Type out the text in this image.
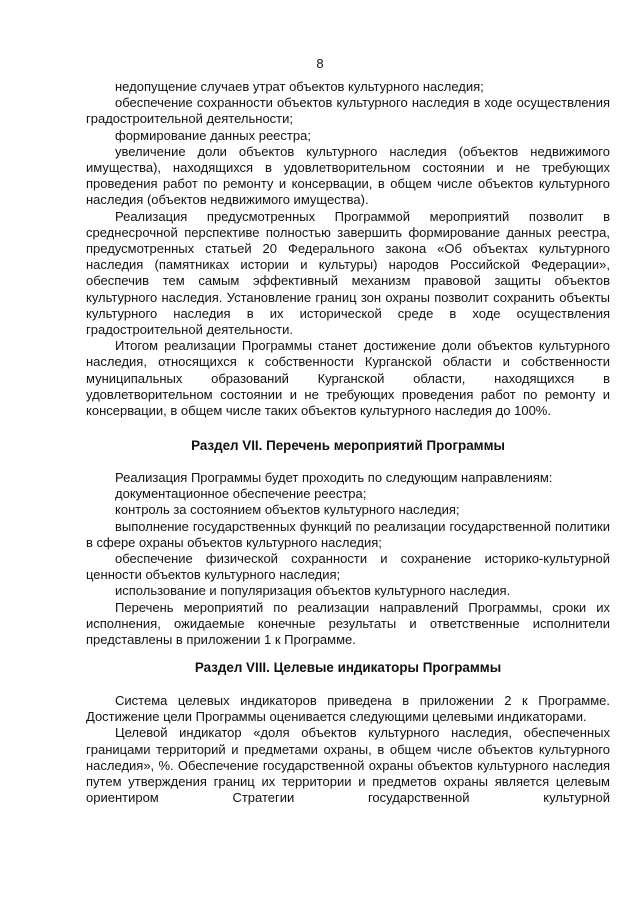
8

недопущение случаев утрат объектов культурного наследия;

обеспечение сохранности объектов культурного наследия в ходе осуществления градостроительной деятельности;

формирование данных реестра;

увеличение доли объектов культурного наследия (объектов недвижимого имущества), находящихся в удовлетворительном состоянии и не требующих проведения работ по ремонту и консервации, в общем числе объектов культурного наследия (объектов недвижимого имущества).

Реализация предусмотренных Программой мероприятий позволит в среднесрочной перспективе полностью завершить формирование данных реестра, предусмотренных статьей 20 Федерального закона «Об объектах культурного наследия (памятниках истории и культуры) народов Российской Федерации», обеспечив тем самым эффективный механизм правовой защиты объектов культурного наследия. Установление границ зон охраны позволит сохранить объекты культурного наследия в их исторической среде в ходе осуществления градостроительной деятельности.

Итогом реализации Программы станет достижение доли объектов культурного наследия, относящихся к собственности Курганской области и собственности муниципальных образований Курганской области, находящихся в удовлетворительном состоянии и не требующих проведения работ по ремонту и консервации, в общем числе таких объектов культурного наследия до 100%.

Раздел VII. Перечень мероприятий Программы

Реализация Программы будет проходить по следующим направлениям:

документационное обеспечение реестра;

контроль за состоянием объектов культурного наследия;

выполнение государственных функций по реализации государственной политики в сфере охраны объектов культурного наследия;

обеспечение физической сохранности и сохранение историко-культурной ценности объектов культурного наследия;

использование и популяризация объектов культурного наследия.

Перечень мероприятий по реализации направлений Программы, сроки их исполнения, ожидаемые конечные результаты и ответственные исполнители представлены в приложении 1 к Программе.

Раздел VIII. Целевые индикаторы Программы

Система целевых индикаторов приведена в приложении 2 к Программе. Достижение цели Программы оценивается следующими целевыми индикаторами.

Целевой индикатор «доля объектов культурного наследия, обеспеченных границами территорий и предметами охраны, в общем числе объектов культурного наследия», %. Обеспечение государственной охраны объектов культурного наследия путем утверждения границ их территории и предметов охраны является целевым ориентиром Стратегии государственной культурной
